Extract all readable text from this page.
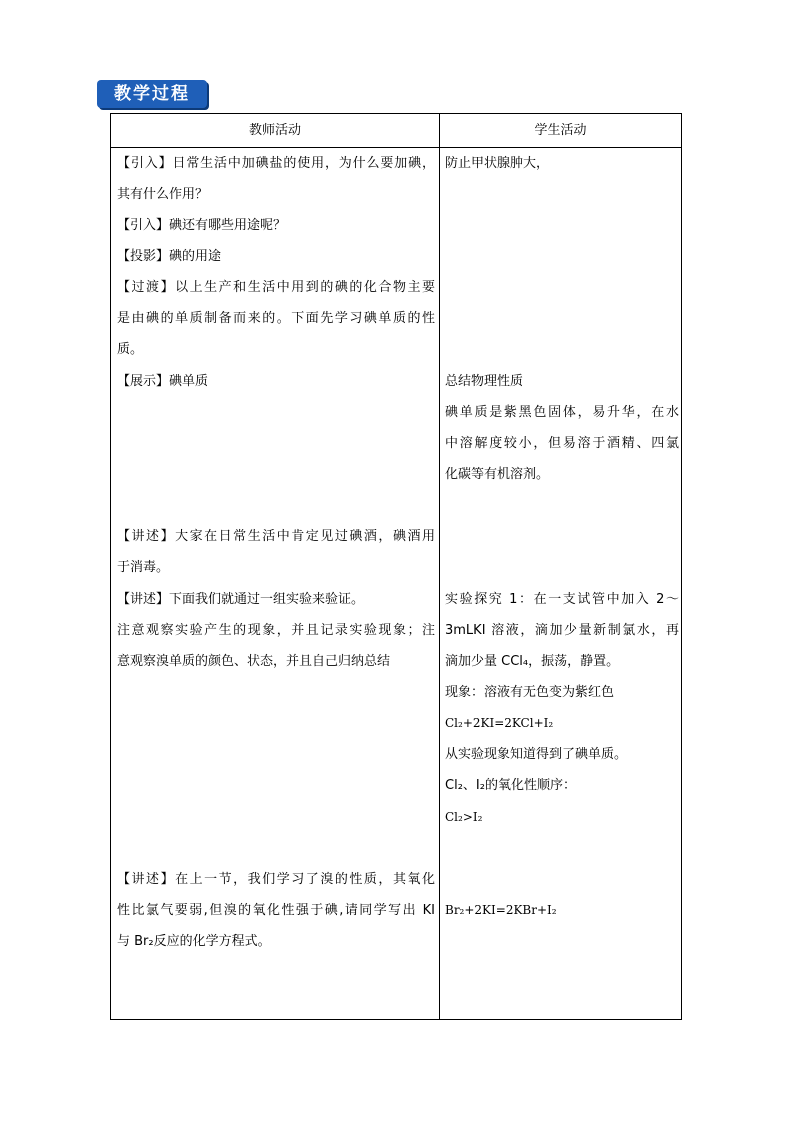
教学过程
教师活动	学生活动
【引入】日常生活中加碘盐的使用，为什么要加碘，
其有什么作用？
【引入】碘还有哪些用途呢？
【投影】碘的用途
【过渡】以上生产和生活中用到的碘的化合物主要
是由碘的单质制备而来的。下面先学习碘单质的性
质。
【展示】碘单质
【讲述】大家在日常生活中肯定见过碘酒，碘酒用
于消毒。
【讲述】下面我们就通过一组实验来验证。
注意观察实验产生的现象，并且记录实验现象；注
意观察溴单质的颜色、状态，并且自己归纳总结
【讲述】在上一节，我们学习了溴的性质，其氧化
性比氯气要弱,但溴的氧化性强于碘,请同学写出 KI
与 Br₂反应的化学方程式。
防止甲状腺肿大，
总结物理性质
碘单质是紫黑色固体，易升华，在水
中溶解度较小，但易溶于酒精、四氯
化碳等有机溶剂。
实验探究 1：在一支试管中加入 2～
3mLKI 溶液，滴加少量新制氯水，再
滴加少量 CCl₄，振荡，静置。
现象：溶液有无色变为紫红色
Cl₂+2KI=2KCl+I₂
从实验现象知道得到了碘单质。
Cl₂、I₂的氧化性顺序：
Cl₂>I₂
Br₂+2KI=2KBr+I₂
